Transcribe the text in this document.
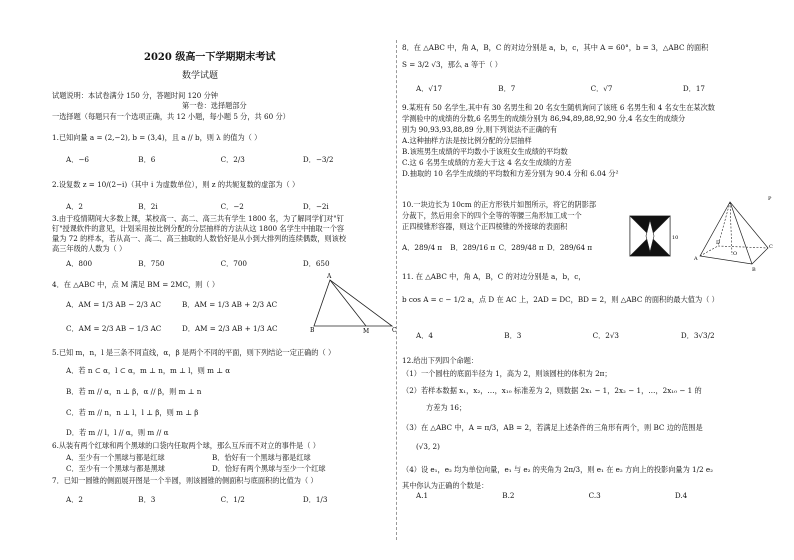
2020 级高一下学期期末考试
数学试题
试题说明：本试卷满分 150 分，答题时间 120 分钟
第一卷：选择题部分
一选择题（每题只有一个选项正确，共 12 小题，每小题 5 分，共 60 分）
1.已知向量 a = (2,−2), b = (3,4)，且 a // b，则 λ 的值为（ ）
A．−6	B．6	C．2/3	D．−3/2
2.设复数 z = 10/(2−i)（其中 i 为虚数单位），则 z 的共轭复数的虚部为（ ）
A．2	B．2i	C．−2	D．−2i
3.由于疫情期间大多数上课，某校高一、高二、高三共有学生 1800 名，为了解同学们对"钉
钉"授课软件的意见，计划采用按比例分配的分层抽样的方法从这 1800 名学生中抽取一个容
量为 72 的样本，若从高一、高二、高三抽取的人数恰好是从小到大排列的连续偶数，则该校
高三年级的人数为（ ）
A．800	B．750	C．700	D．650
4．在 △ABC 中，点 M 满足 BM = 2MC，则（ ）
A．AM = 1/3 AB − 2/3 AC	B．AM = 1/3 AB + 2/3 AC
C．AM = 2/3 AB − 1/3 AC	D．AM = 2/3 AB + 1/3 AC
A
B	M	C
5.已知 m，n，l 是三条不同直线，α，β 是两个不同的平面，则下列结论一定正确的（ ）
A．若 n ⊂ α，l ⊂ α，m ⊥ n，m ⊥ l，则 m ⊥ α
B．若 m // α，n ⊥ β，α // β，则 m ⊥ n
C．若 m // n，n ⊥ l，l ⊥ β，则 m ⊥ β
D．若 m // l，l // α，则 m // α
6.从装有两个红球和两个黑球的口袋内任取两个球，那么互斥而不对立的事件是（ ）
A．至少有一个黑球与都是红球	B．恰好有一个黑球与都是红球
C．至少有一个黑球与都是黑球	D．恰好有两个黑球与至少一个红球
7．已知一圆锥的侧面展开图是一个半圆，则该圆锥的侧面积与底面积的比值为（ ）
A．2	B．3	C．1/2	D．1/3
8．在 △ABC 中，角 A，B，C 的对边分别是 a，b，c，其中 A = 60°，b = 3，△ABC 的面积
S = 3/2 √3，那么 a 等于（ ）
A．√17	B．7	C．√7	D．17
9.某班有 50 名学生,其中有 30 名男生和 20 名女生随机询问了该班 6 名男生和 4 名女生在某次数
学测验中的成绩的分数,6 名男生的成绩分别为 86,94,89,88,92,90 分,4 名女生的成绩分
别为 90,93,93,88,89 分,则下列说法不正确的有
A.这种抽样方法是按比例分配的分层抽样
B.该班男生成绩的平均数小于该班女生成绩的平均数
C.这 6 名男生成绩的方差大于这 4 名女生成绩的方差
D.抽取的 10 名学生成绩的平均数和方差分别为 90.4 分和 6.04 分²
10.一块边长为 10cm 的正方形铁片如图所示，将它的阴影部
分裁下，然后用余下的四个全等的等腰三角形加工成一个
正四棱锥形容器，则这个正四棱锥的外接球的表面积
A．289/4 π B．289/16 π C．289/48 π D．289/64 π
10
P
A
B
C
D
O
11. 在 △ABC 中，角 A，B，C 的对边分别是 a，b，c，
b cos A = c − 1/2 a，点 D 在 AC 上，2AD = DC，BD = 2，则 △ABC 的面积的最大值为（ ）
A．4	B．3	C．2√3	D．3√3/2
12.给出下列四个命题：
（1）一个圆柱的底面半径为 1，高为 2，则该圆柱的体积为 2π；
（2）若样本数据 x₁，x₂，…，x₁₀ 标准差为 2，则数据 2x₁ − 1，2x₂ − 1，…，2x₁₀ − 1 的
方差为 16；
（3）在 △ABC 中，A = π/3，AB = 2，若满足上述条件的三角形有两个，则 BC 边的范围是
(√3, 2)
（4）设 e₁，e₂ 均为单位向量，e₁ 与 e₂ 的夹角为 2π/3，则 e₁ 在 e₂ 方向上的投影向量为 1/2 e₂
其中你认为正确的个数是：
A.1	B.2	C.3	D.4
